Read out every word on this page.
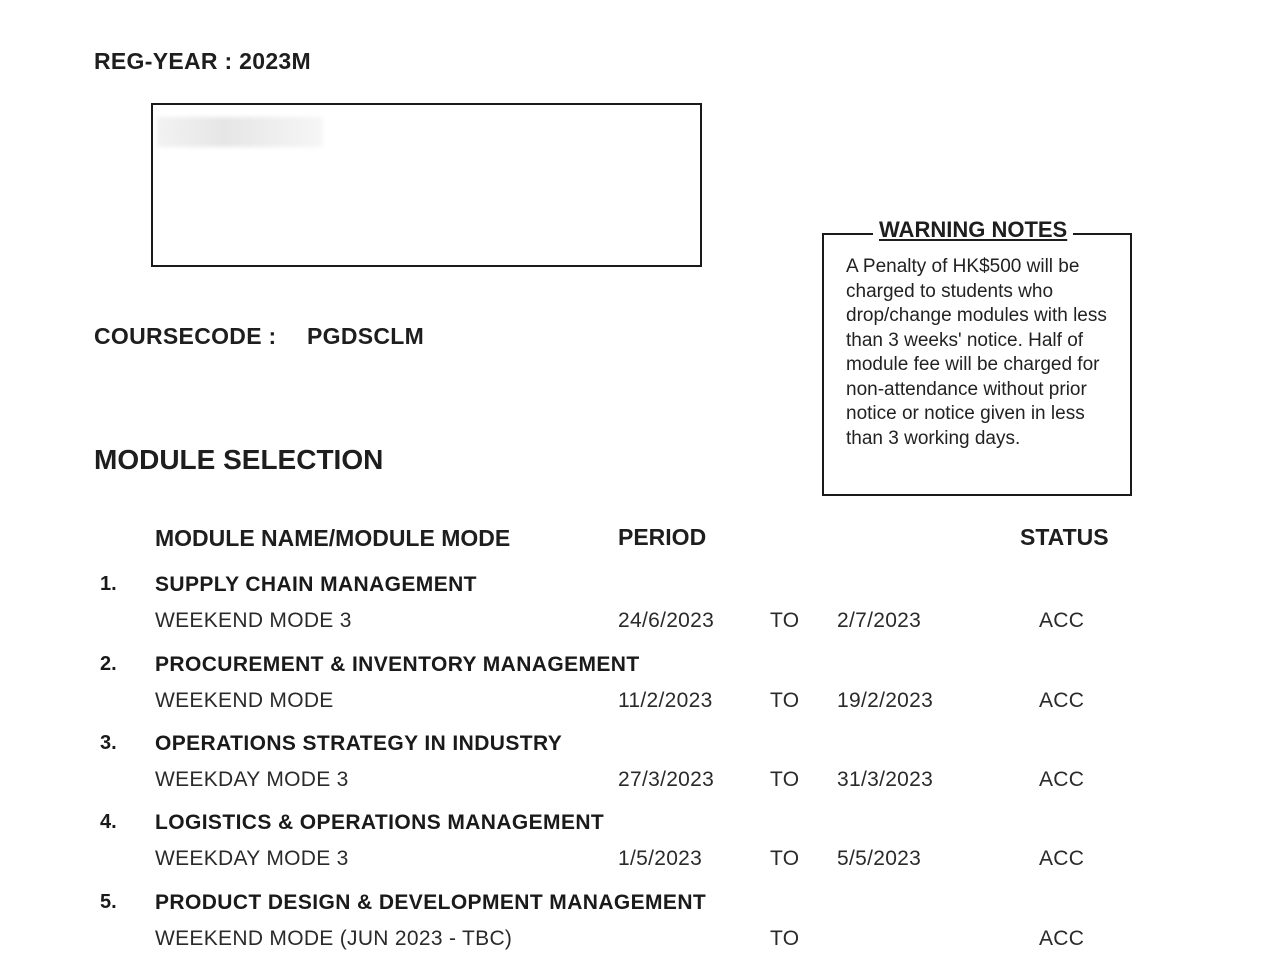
REG-YEAR : 2023M
COURSECODE : PGDSCLM
WARNING NOTES
A Penalty of HK$500 will be charged to students who drop/change modules with less than 3 weeks' notice. Half of module fee will be charged for non-attendance without prior notice or notice given in less than 3 working days.
MODULE SELECTION
MODULE NAME/MODULE MODE	PERIOD	STATUS
1. SUPPLY CHAIN MANAGEMENT
WEEKEND MODE 3	24/6/2023	TO 2/7/2023	ACC
2. PROCUREMENT & INVENTORY MANAGEMENT
WEEKEND MODE	11/2/2023	TO 19/2/2023	ACC
3. OPERATIONS STRATEGY IN INDUSTRY
WEEKDAY MODE 3	27/3/2023	TO 31/3/2023	ACC
4. LOGISTICS & OPERATIONS MANAGEMENT
WEEKDAY MODE 3	1/5/2023	TO 5/5/2023	ACC
5. PRODUCT DESIGN & DEVELOPMENT MANAGEMENT
WEEKEND MODE (JUN 2023 - TBC)	TO	ACC
